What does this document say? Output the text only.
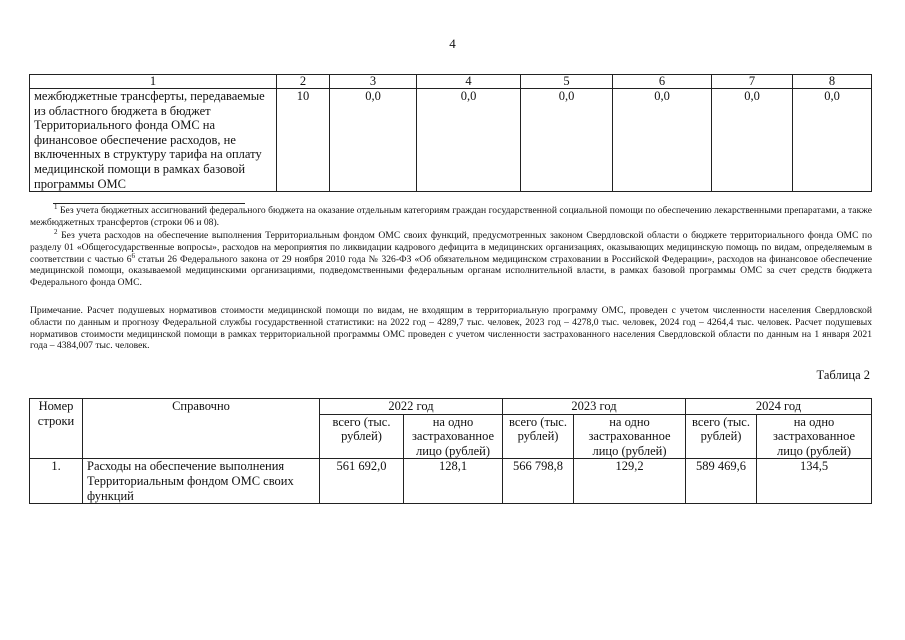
4
1	2	3	4	5	6	7	8
межбюджетные трансферты, передаваемые из областного бюджета в бюджет Территориального фонда ОМС на финансовое обеспечение расходов, не включенных в структуру тарифа на оплату медицинской помощи в рамках базовой программы ОМС	10	0,0	0,0	0,0	0,0	0,0	0,0
$^1$ Без учета бюджетных ассигнований федерального бюджета на оказание отдельным категориям граждан государственной социальной помощи по обеспечению лекарственными препаратами, а также межбюджетных трансфертов (строки 06 и 08).
$^2$ Без учета расходов на обеспечение выполнения Территориальным фондом ОМС своих функций, предусмотренных законом Свердловской области о бюджете территориального фонда ОМС по разделу 01 «Общегосударственные вопросы», расходов на мероприятия по ликвидации кадрового дефицита в медицинских организациях, оказывающих медицинскую помощь по видам, определяемым в соответствии с частью $6^6$ статьи 26 Федерального закона от 29 ноября 2010 года № 326-ФЗ «Об обязательном медицинском страховании в Российской Федерации», расходов на финансовое обеспечение медицинской помощи, оказываемой медицинскими организациями, подведомственными федеральным органам исполнительной власти, в рамках базовой программы ОМС за счет средств бюджета Федерального фонда ОМС.
Примечание. Расчет подушевых нормативов стоимости медицинской помощи по видам, не входящим в территориальную программу ОМС, проведен с учетом численности населения Свердловской области по данным и прогнозу Федеральной службы государственной статистики: на 2022 год – 4289,7 тыс. человек, 2023 год – 4278,0 тыс. человек, 2024 год – 4264,4 тыс. человек. Расчет подушевых нормативов стоимости медицинской помощи в рамках территориальной программы ОМС проведен с учетом численности застрахованного населения Свердловской области по данным на 1 января 2021 года – 4384,007 тыс. человек.
Таблица 2
Номер строки	Справочно	2022 год		2023 год		2024 год	
		всего (тыс. рублей)	на одно застрахованное лицо (рублей)	всего (тыс. рублей)	на одно застрахованное лицо (рублей)	всего (тыс. рублей)	на одно застрахованное лицо (рублей)
1.	Расходы на обеспечение выполнения Территориальным фондом ОМС своих функций	561 692,0	128,1	566 798,8	129,2	589 469,6	134,5
